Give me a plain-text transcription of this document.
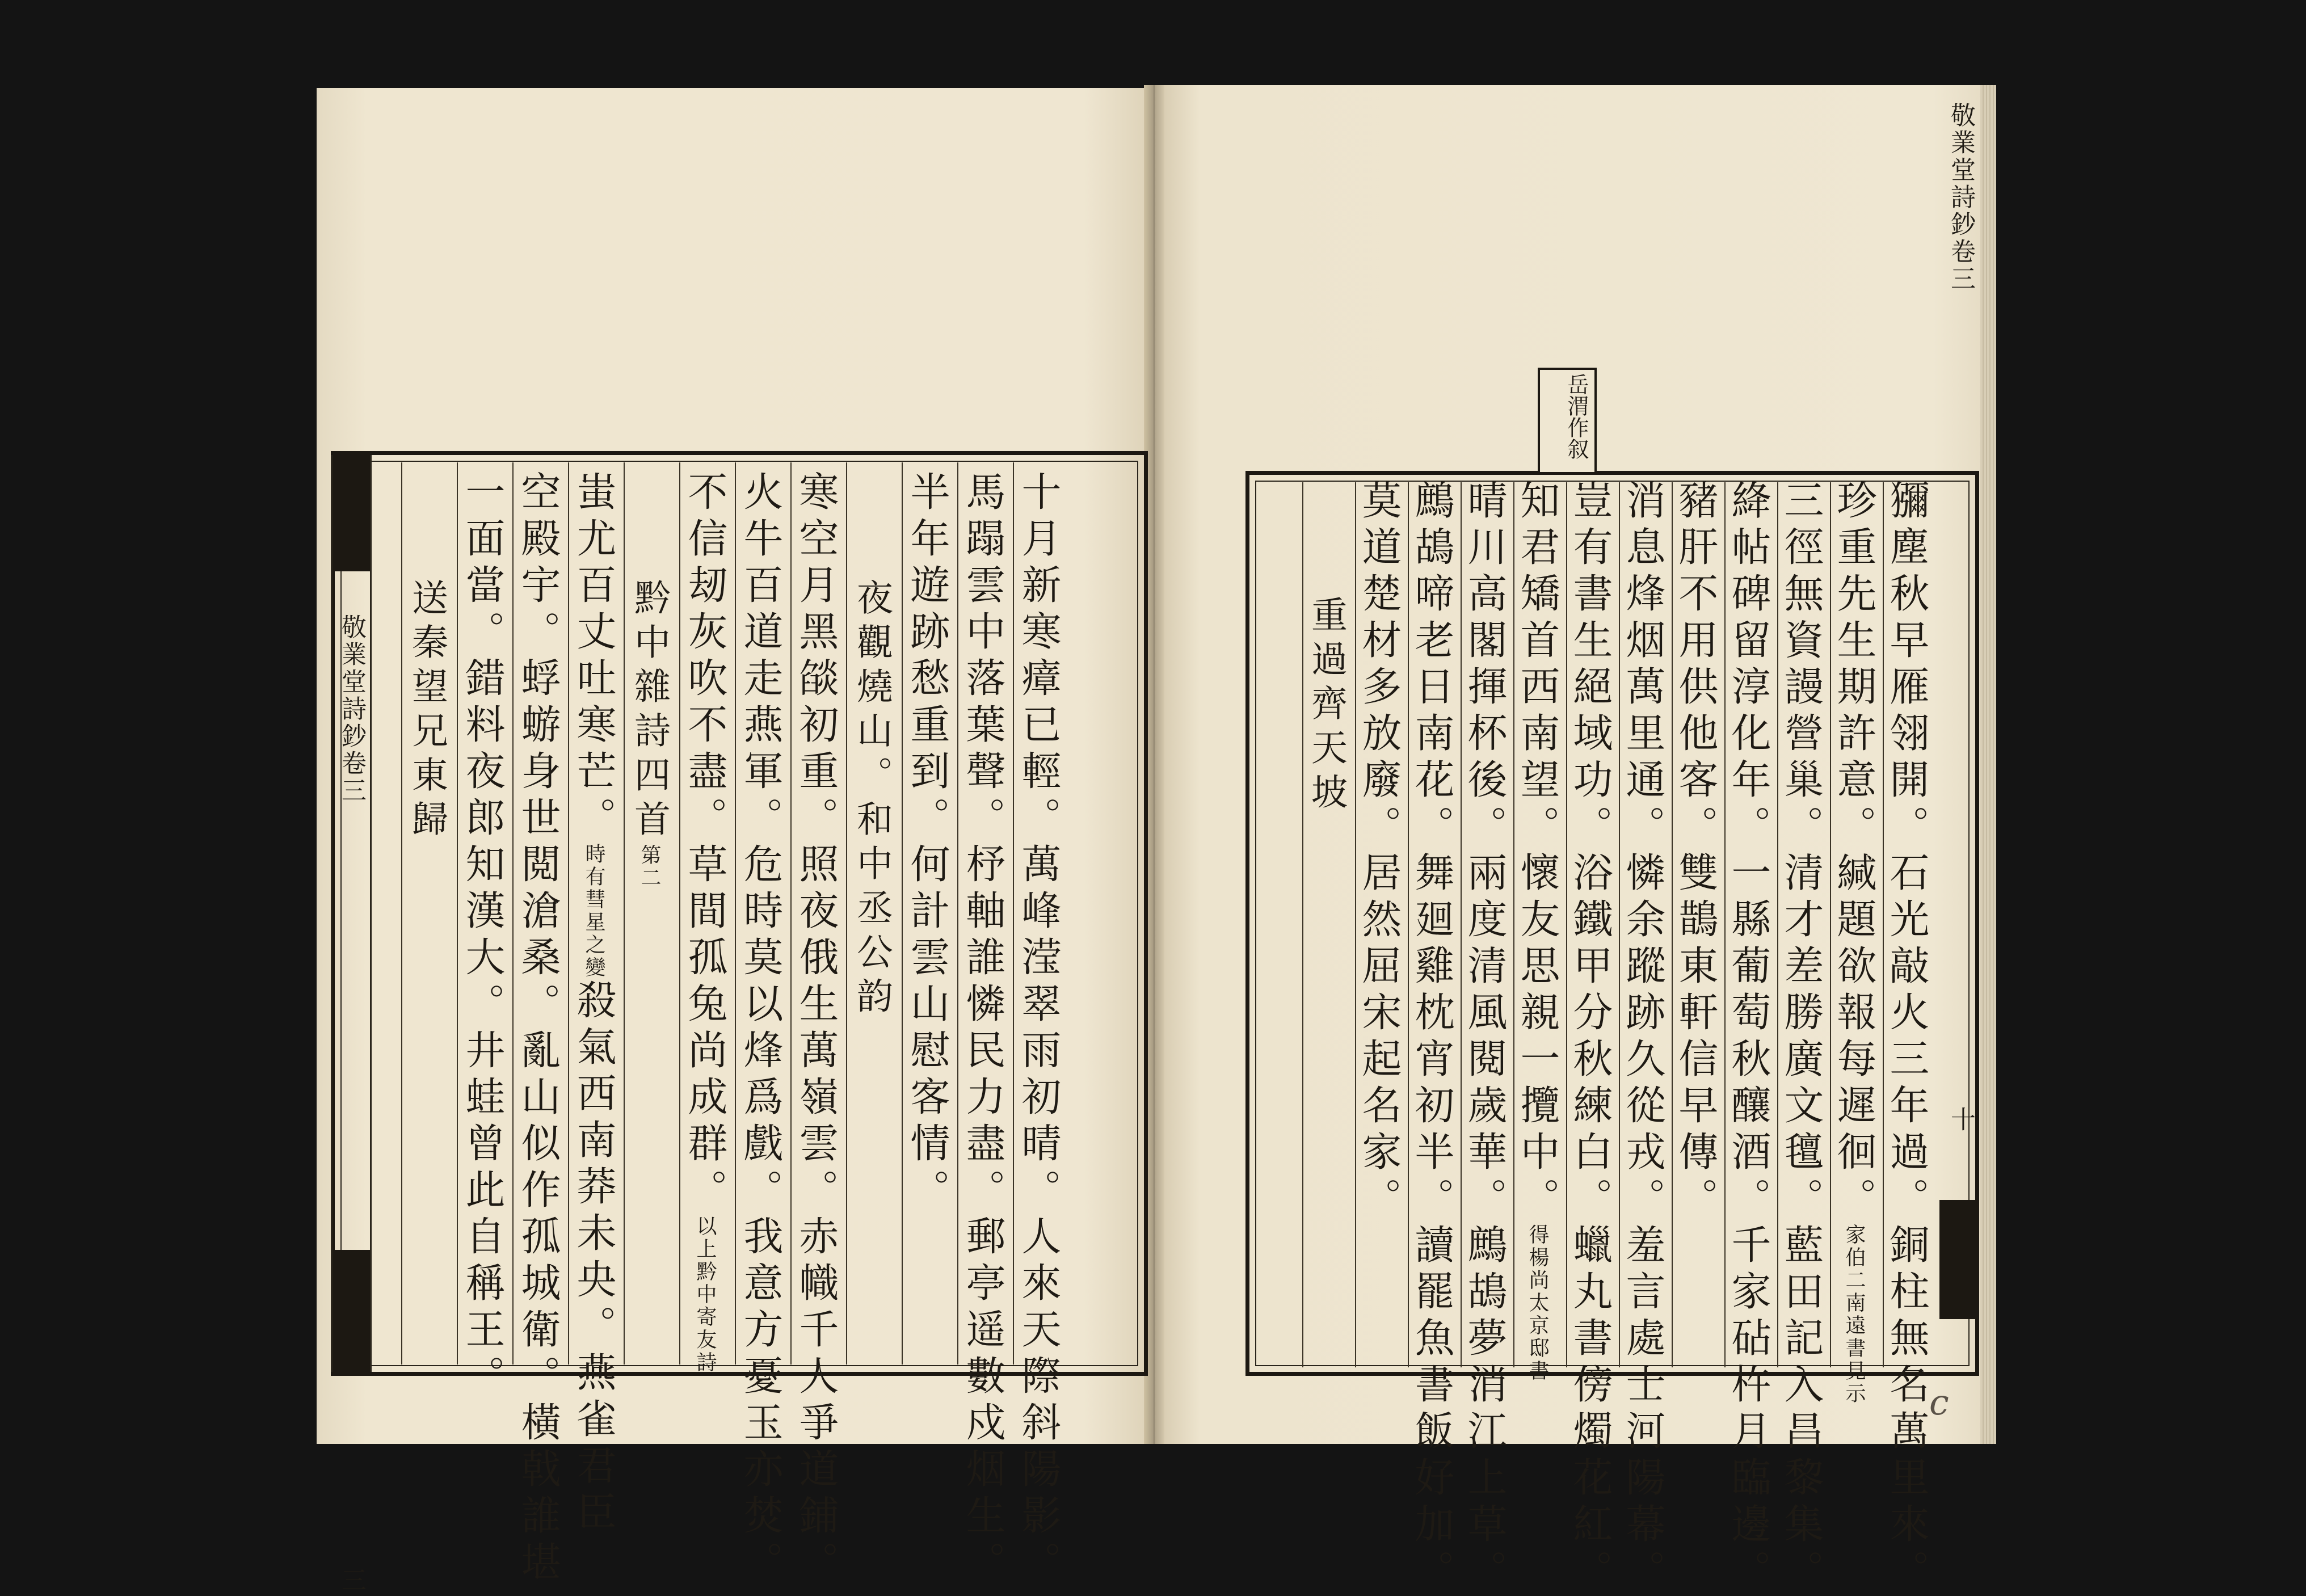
敬業堂詩鈔卷三
三	十月新寒瘴已輕。萬峰滢翠雨初晴。人來天際斜陽影。
馬蹋雲中落葉聲。杼軸誰憐民力盡。郵亭遥數戍烟生。
半年遊跡愁重到。何計雲山慰客情。
夜觀燒山。和中丞公韵
寒空月黑燄初重。照夜俄生萬嶺雲。赤幟千人爭道鋪。
火牛百道走燕軍。危時莫以烽爲戲。我意方憂玉亦焚。
不信刼灰吹不盡。草間孤兔尚成群。以上黔中寄友詩
黔中雜詩四首第二
蚩尤百丈吐寒芒。時有彗星之變殺氣西南莽未央。燕雀君臣
空殿宇。蜉蝣身世閲滄桑。亂山似作孤城衛。橫戟誰堪
一面當。錯料夜郎知漢大。井蛙曾此自稱王。
送秦望兄東歸
敬業堂詩鈔卷三
十
岳渭作叙
獼塵秋早雁翎開。石光敲火三年過。銅柱無名萬里來。
珍重先生期許意。緘題欲報每遲徊。家伯二南遠書見示
三徑無資謾營巢。清才差勝廣文氊。藍田記入昌黎集。
絳帖碑留淳化年。一縣葡萄秋釀酒。千家砧杵月臨邊。
豬肝不用供他客。雙鵲東軒信早傳。
消息烽烟萬里通。憐余蹤跡久從戎。羞言處士河陽幕。
豈有書生絕域功。浴鐵甲分秋練白。蠟丸書傍燭花紅。
知君矯首西南望。懷友思親一攬中。得楊尚太京邸書
晴川高閣揮杯後。兩度清風閱歲華。鷓鴣夢消江上草。
鷓鴣啼老日南花。舞廻雞枕宵初半。讀罷魚書飯好加。
莫道楚材多放廢。居然屈宋起名家。
重過齊天坡
c
